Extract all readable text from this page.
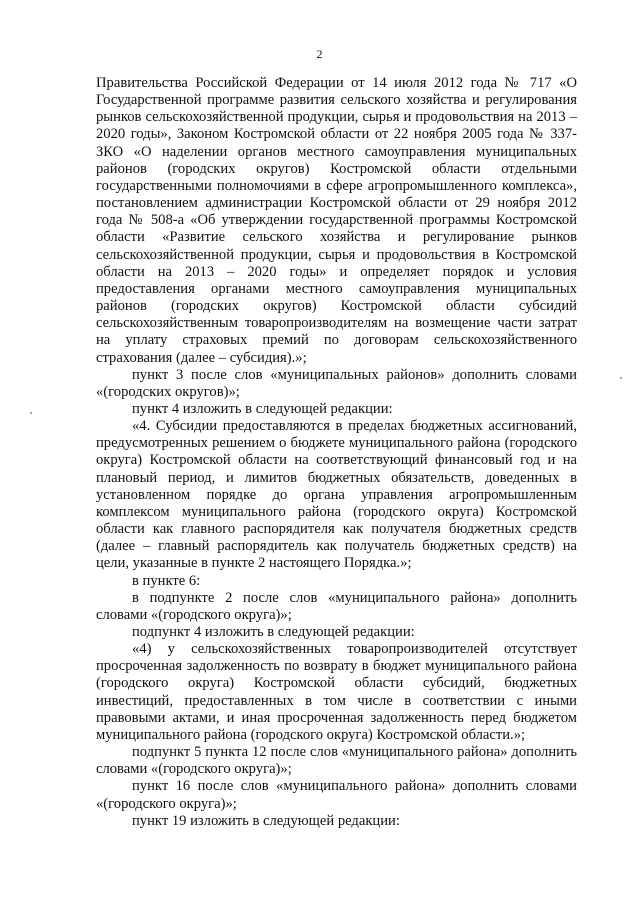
2

Правительства Российской Федерации от 14 июля 2012 года № 717 «О Государственной программе развития сельского хозяйства и регулирования рынков сельскохозяйственной продукции, сырья и продовольствия на 2013 – 2020 годы», Законом Костромской области от 22 ноября 2005 года № 337-ЗКО «О наделении органов местного самоуправления муниципальных районов (городских округов) Костромской области отдельными государственными полномочиями в сфере агропромышленного комплекса», постановлением администрации Костромской области от 29 ноября 2012 года № 508-а «Об утверждении государственной программы Костромской области «Развитие сельского хозяйства и регулирование рынков сельскохозяйственной продукции, сырья и продовольствия в Костромской области на 2013 – 2020 годы» и определяет порядок и условия предоставления органами местного самоуправления муниципальных районов (городских округов) Костромской области субсидий сельскохозяйственным товаропроизводителям на возмещение части затрат на уплату страховых премий по договорам сельскохозяйственного страхования (далее – субсидия).»;

пункт 3 после слов «муниципальных районов» дополнить словами «(городских округов)»;

пункт 4 изложить в следующей редакции:

«4. Субсидии предоставляются в пределах бюджетных ассигнований, предусмотренных решением о бюджете муниципального района (городского округа) Костромской области на соответствующий финансовый год и на плановый период, и лимитов бюджетных обязательств, доведенных в установленном порядке до органа управления агропромышленным комплексом муниципального района (городского округа) Костромской области как главного распорядителя как получателя бюджетных средств (далее – главный распорядитель как получатель бюджетных средств) на цели, указанные в пункте 2 настоящего Порядка.»;

в пункте 6:

в подпункте 2 после слов «муниципального района» дополнить словами «(городского округа)»;

подпункт 4 изложить в следующей редакции:

«4) у сельскохозяйственных товаропроизводителей отсутствует просроченная задолженность по возврату в бюджет муниципального района (городского округа) Костромской области субсидий, бюджетных инвестиций, предоставленных в том числе в соответствии с иными правовыми актами, и иная просроченная задолженность перед бюджетом муниципального района (городского округа) Костромской области.»;

подпункт 5 пункта 12 после слов «муниципального района» дополнить словами «(городского округа)»;

пункт 16 после слов «муниципального района» дополнить словами «(городского округа)»;

пункт 19 изложить в следующей редакции:
